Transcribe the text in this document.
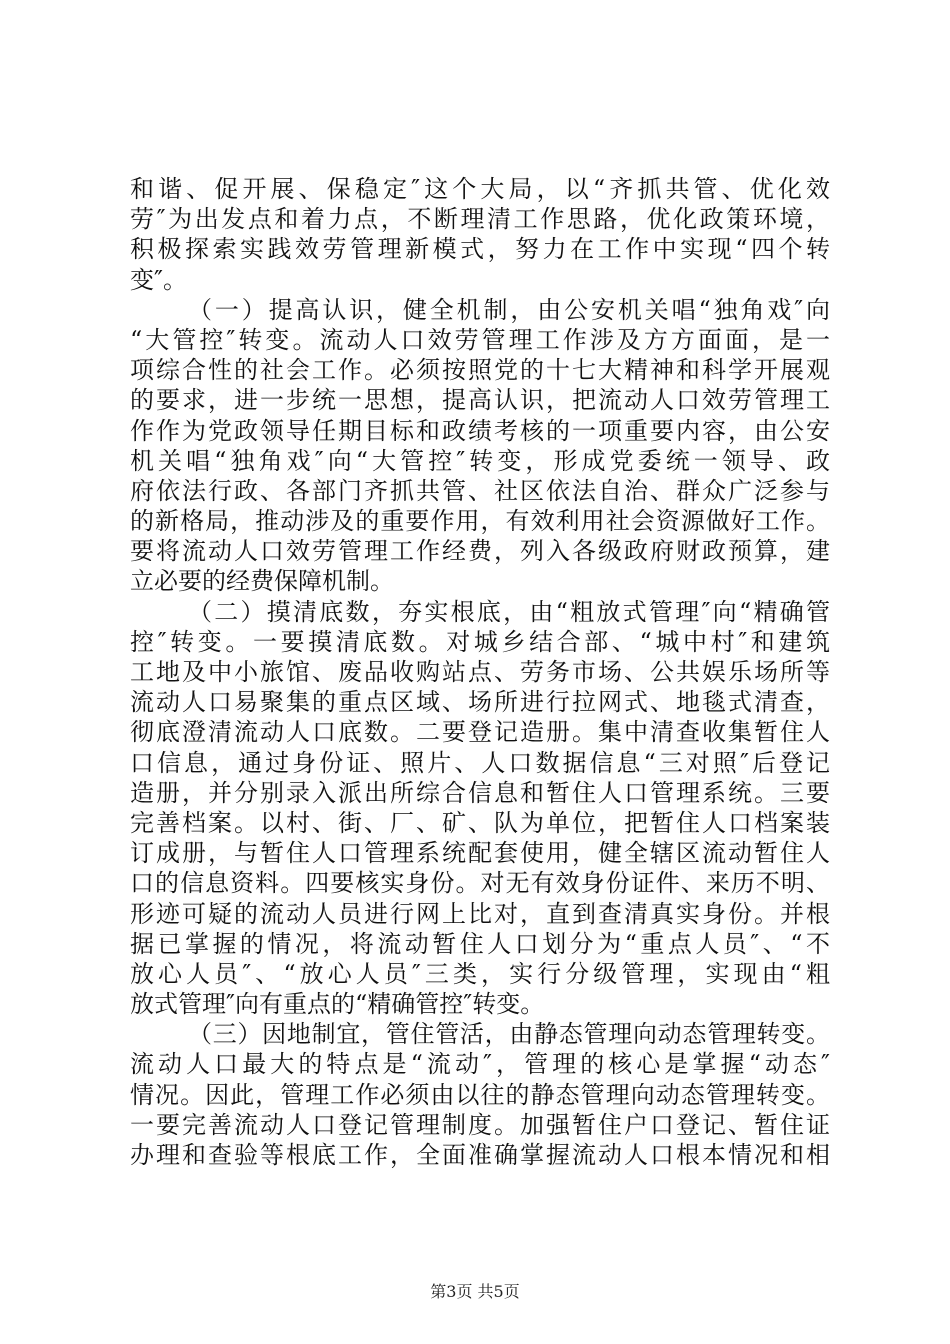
和谐、促开展、保稳定″这个大局，以“齐抓共管、优化效
劳″为出发点和着力点，不断理清工作思路，优化政策环境，
积极探索实践效劳管理新模式，努力在工作中实现“四个转
变″。
（一）提高认识，健全机制，由公安机关唱“独角戏″向
“大管控″转变。流动人口效劳管理工作涉及方方面面，是一
项综合性的社会工作。必须按照党的十七大精神和科学开展观
的要求，进一步统一思想，提高认识，把流动人口效劳管理工
作作为党政领导任期目标和政绩考核的一项重要内容，由公安
机关唱“独角戏″向“大管控″转变，形成党委统一领导、政
府依法行政、各部门齐抓共管、社区依法自治、群众广泛参与
的新格局，推动涉及的重要作用，有效利用社会资源做好工作。
要将流动人口效劳管理工作经费，列入各级政府财政预算，建
立必要的经费保障机制。
（二）摸清底数，夯实根底，由“粗放式管理″向“精确管
控″转变。一要摸清底数。对城乡结合部、“城中村″和建筑
工地及中小旅馆、废品收购站点、劳务市场、公共娱乐场所等
流动人口易聚集的重点区域、场所进行拉网式、地毯式清查，
彻底澄清流动人口底数。二要登记造册。集中清查收集暂住人
口信息，通过身份证、照片、人口数据信息“三对照″后登记
造册，并分别录入派出所综合信息和暂住人口管理系统。三要
完善档案。以村、街、厂、矿、队为单位，把暂住人口档案装
订成册，与暂住人口管理系统配套使用，健全辖区流动暂住人
口的信息资料。四要核实身份。对无有效身份证件、来历不明、
形迹可疑的流动人员进行网上比对，直到查清真实身份。并根
据已掌握的情况，将流动暂住人口划分为“重点人员″、“不
放心人员″、“放心人员″三类，实行分级管理，实现由“粗
放式管理″向有重点的“精确管控″转变。
（三）因地制宜，管住管活，由静态管理向动态管理转变。
流动人口最大的特点是“流动″，管理的核心是掌握“动态″
情况。因此，管理工作必须由以往的静态管理向动态管理转变。
一要完善流动人口登记管理制度。加强暂住户口登记、暂住证
办理和查验等根底工作，全面准确掌握流动人口根本情况和相
第3页 共5页
